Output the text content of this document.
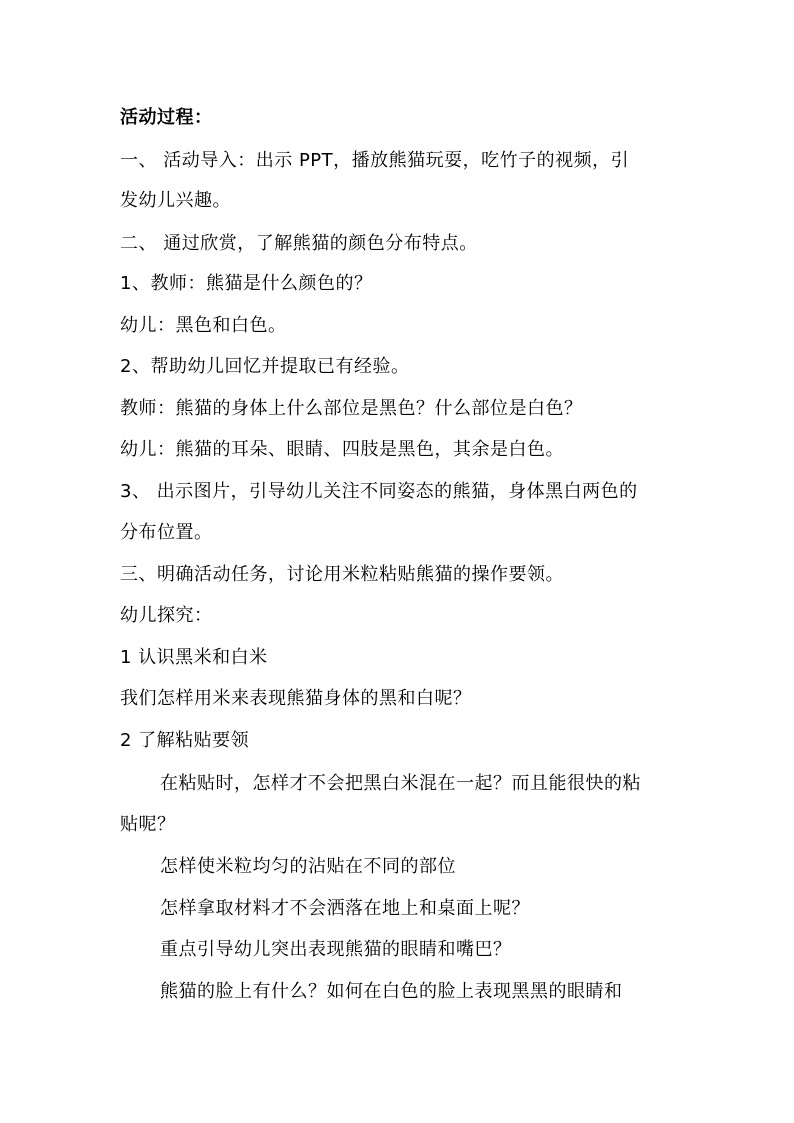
活动过程：
一、 活动导入：出示 PPT，播放熊猫玩耍，吃竹子的视频，引
发幼儿兴趣。
二、 通过欣赏，了解熊猫的颜色分布特点。
1、教师：熊猫是什么颜色的？
幼儿：黑色和白色。
2、帮助幼儿回忆并提取已有经验。
教师：熊猫的身体上什么部位是黑色？什么部位是白色？
幼儿：熊猫的耳朵、眼睛、四肢是黑色，其余是白色。
3、 出示图片，引导幼儿关注不同姿态的熊猫，身体黑白两色的
分布位置。
三、明确活动任务，讨论用米粒粘贴熊猫的操作要领。
幼儿探究：
1 认识黑米和白米
我们怎样用米来表现熊猫身体的黑和白呢？
2 了解粘贴要领
在粘贴时，怎样才不会把黑白米混在一起？而且能很快的粘
贴呢？
怎样使米粒均匀的沾贴在不同的部位
怎样拿取材料才不会洒落在地上和桌面上呢？
重点引导幼儿突出表现熊猫的眼睛和嘴巴？
熊猫的脸上有什么？如何在白色的脸上表现黑黑的眼睛和
